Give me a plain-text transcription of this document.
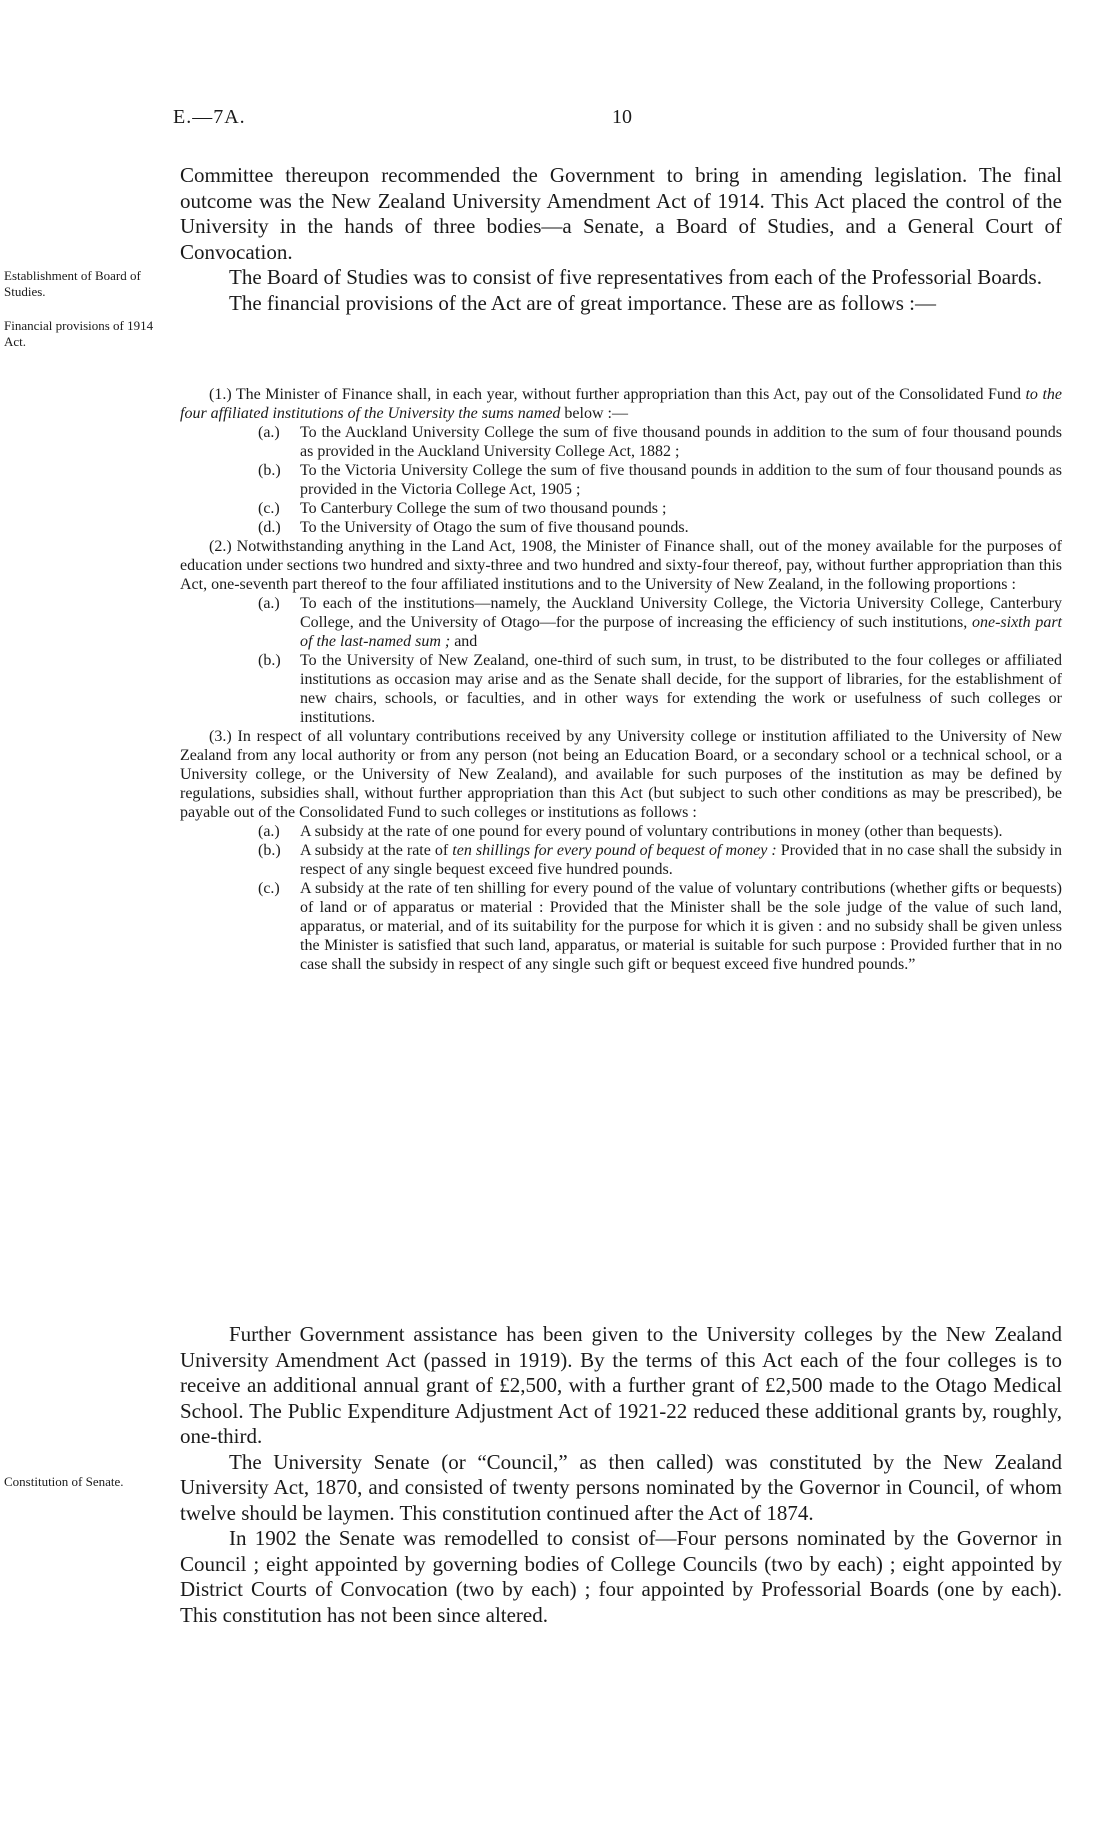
E.—7A.	10
Establishment of Board of Studies.
Financial provisions of 1914 Act.
Constitution of Senate.

Committee thereupon recommended the Government to bring in amending legislation. The final outcome was the New Zealand University Amendment Act of 1914. This Act placed the control of the University in the hands of three bodies—a Senate, a Board of Studies, and a General Court of Convocation.

The Board of Studies was to consist of five representatives from each of the Professorial Boards.

The financial provisions of the Act are of great importance. These are as follows :—

(1.) The Minister of Finance shall, in each year, without further appropriation than this Act, pay out of the Consolidated Fund to the four affiliated institutions of the University the sums named below :—

(a.)	To the Auckland University College the sum of five thousand pounds in addition to the sum of four thousand pounds as provided in the Auckland University College Act, 1882 ;
(b.)	To the Victoria University College the sum of five thousand pounds in addition to the sum of four thousand pounds as provided in the Victoria College Act, 1905 ;
(c.)	To Canterbury College the sum of two thousand pounds ;
(d.)	To the University of Otago the sum of five thousand pounds.

(2.) Notwithstanding anything in the Land Act, 1908, the Minister of Finance shall, out of the money available for the purposes of education under sections two hundred and sixty-three and two hundred and sixty-four thereof, pay, without further appropriation than this Act, one-seventh part thereof to the four affiliated institutions and to the University of New Zealand, in the following proportions :

(a.)	To each of the institutions—namely, the Auckland University College, the Victoria University College, Canterbury College, and the University of Otago—for the purpose of increasing the efficiency of such institutions, one-sixth part of the last-named sum ; and
(b.)	To the University of New Zealand, one-third of such sum, in trust, to be distributed to the four colleges or affiliated institutions as occasion may arise and as the Senate shall decide, for the support of libraries, for the establishment of new chairs, schools, or faculties, and in other ways for extending the work or usefulness of such colleges or institutions.

(3.) In respect of all voluntary contributions received by any University college or institution affiliated to the University of New Zealand from any local authority or from any person (not being an Education Board, or a secondary school or a technical school, or a University college, or the University of New Zealand), and available for such purposes of the institution as may be defined by regulations, subsidies shall, without further appropriation than this Act (but subject to such other conditions as may be prescribed), be payable out of the Consolidated Fund to such colleges or institutions as follows :

(a.)	A subsidy at the rate of one pound for every pound of voluntary contributions in money (other than bequests).
(b.)	A subsidy at the rate of ten shillings for every pound of bequest of money : Provided that in no case shall the subsidy in respect of any single bequest exceed five hundred pounds.
(c.)	A subsidy at the rate of ten shilling for every pound of the value of voluntary contributions (whether gifts or bequests) of land or of apparatus or material : Provided that the Minister shall be the sole judge of the value of such land, apparatus, or material, and of its suitability for the purpose for which it is given : and no subsidy shall be given unless the Minister is satisfied that such land, apparatus, or material is suitable for such purpose : Provided further that in no case shall the subsidy in respect of any single such gift or bequest exceed five hundred pounds.”

Further Government assistance has been given to the University colleges by the New Zealand University Amendment Act (passed in 1919). By the terms of this Act each of the four colleges is to receive an additional annual grant of £2,500, with a further grant of £2,500 made to the Otago Medical School. The Public Expenditure Adjustment Act of 1921-22 reduced these additional grants by, roughly, one-third.

The University Senate (or “Council,” as then called) was constituted by the New Zealand University Act, 1870, and consisted of twenty persons nominated by the Governor in Council, of whom twelve should be laymen. This constitution continued after the Act of 1874.

In 1902 the Senate was remodelled to consist of—Four persons nominated by the Governor in Council ; eight appointed by governing bodies of College Councils (two by each) ; eight appointed by District Courts of Convocation (two by each) ; four appointed by Professorial Boards (one by each). This constitution has not been since altered.
